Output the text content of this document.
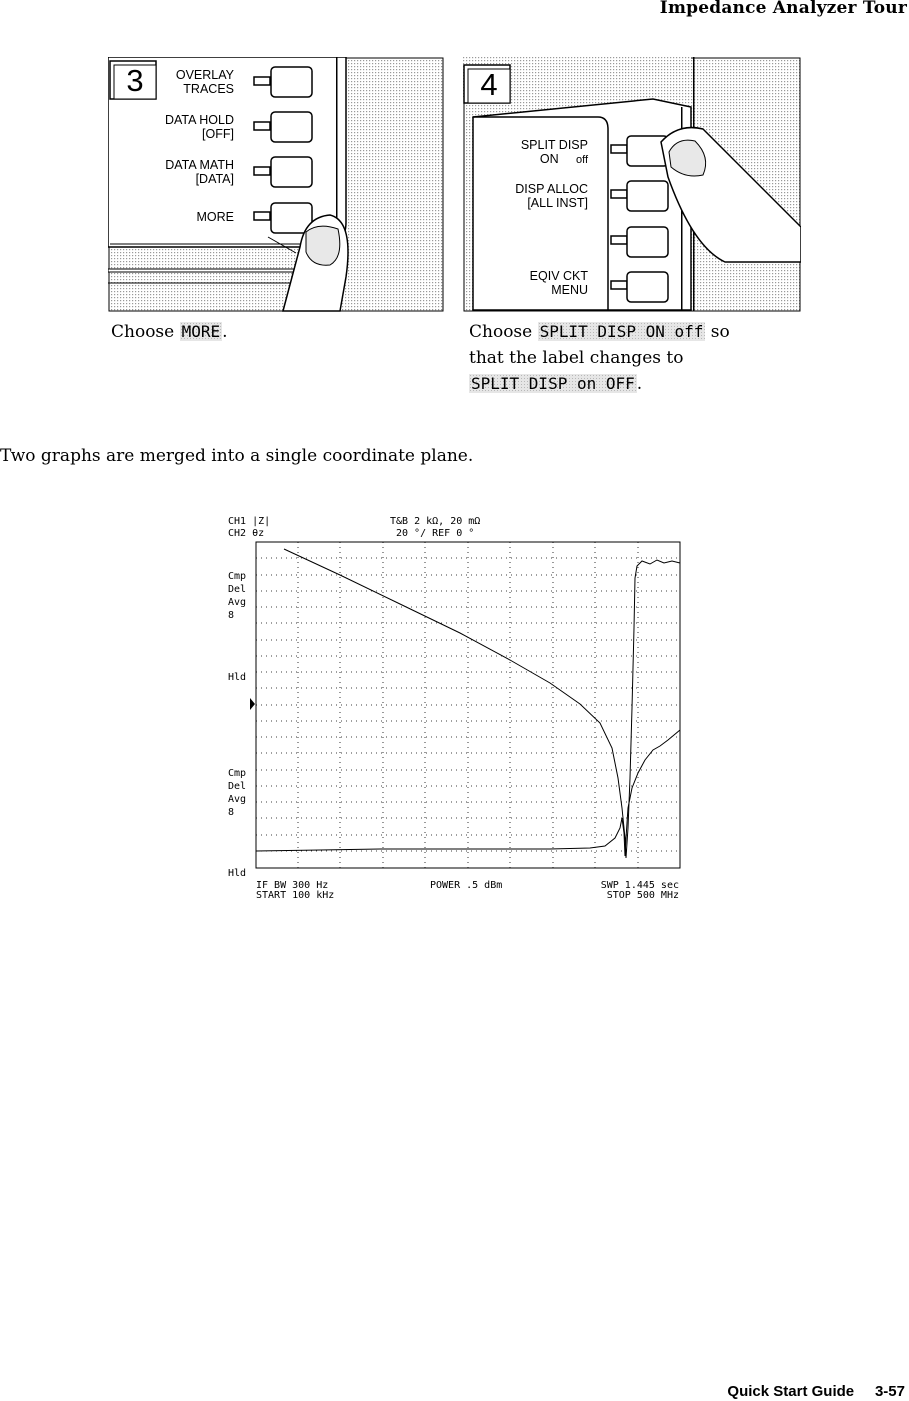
Impedance Analyzer Tour
3	OVERLAY
TRACES
DATA HOLD
[OFF]
DATA MATH
[DATA]
MORE
Choose MORE .
4
SPLIT DISP
ON off
DISP ALLOC
[ALL INST]
EQIV CKT
MENU
Choose SPLIT DISP ON off so
that the label changes to
SPLIT DISP on OFF .
Two graphs are merged into a single coordinate plane.
CH1 |Z|
CH2 θz
T&B 2 kΩ, 20 mΩ
20 °/ REF 0 °
Cmp
Del
Avg
8
Hld
Cmp
Del
Avg
8
Hld
IF BW 300 Hz
START 100 kHz
POWER .5 dBm	SWP 1.445 sec
STOP 500 MHz
Quick Start Guide 3-57
